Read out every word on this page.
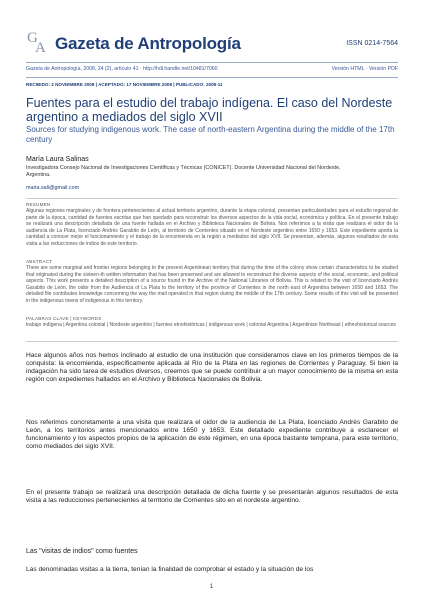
G
A Gazeta de Antropología	ISSN 0214-7564
Gazeta de Antropología, 2008, 24 (2), artículo 41 · http://hdl.handle.net/10481/7060	Versión HTML · Versión PDF
RECIBIDO: 2 NOVIEMBRE 2008 | ACEPTADO: 17 NOVIEMBRE 2008 | PUBLICADO: 2008-11
Fuentes para el estudio del trabajo indígena. El caso del Nordeste argentino a mediados del siglo XVII
Sources for studying indigenous work. The case of north-eastern Argentina during the middle of the 17th century
María Laura Salinas
Investigadora Consejo Nacional de Investigaciones Científicas y Técnicas (CONICET). Docente Universidad Nacional del Nordeste, Argentina.
maria.sali@gmail.com
RESUMEN
Algunas regiones marginales y de frontera pertenecientes al actual territorio argentino, durante la etapa colonial, presentan particularidades para el estudio regional de parte de la época, cantidad de fuentes escritas que han quedado para reconstruir los diversos aspectos de la vida social, económica y política. En el presente trabajo se realizará una descripción detallada de una fuente hallada en el Archivo y Biblioteca Nacionales de Bolivia. Nos referimos a la visita que realizara el oidor de la audiencia de La Plata, licenciado Andrés Garabito de León, al territorio de Corrientes situado en el Nordeste argentino entre 1650 y 1653. Este expediente aporta la cantidad a conocer mejor el funcionamiento y el trabajo de la encomienda en la región a mediados del siglo XVII. Se presentan, además, algunos resultados de esta visita a las reducciones de indios de este territorio.
ABSTRACT
There are some marginal and frontier regions belonging to the present Argentinean territory that during the time of the colony show certain characteristics to be studied that originated during the sixteen-th written information that has been preserved and are allowed to reconstruct the diverse aspects of the social, economic, and political aspects. This work presents a detailed description of a source found in the Archive of the National Libraries of Bolivia. This is related to the visit of licenciado Andrés Garabito de León, the oidor from the Audiencia of La Plata to the territory of the province of Corrientes in the north east of Argentina between 1650 and 1653. The detailed file contributes knowledge concerning the way the mail operated in that region during the middle of the 17th century. Some results of this visit will be presented in the indigenous towns of indigenous in this territory.
PALABRAS CLAVE | KEYWORDS
trabajo indígena | Argentina colonial | Nordeste argentino | fuentes etnohistóricas | indigenous work | colonial Argentina | Argentinian Northeast | ethnohistorical sources

Hace algunos años nos hemos inclinado al estudio de una institución que consideramos clave en los primeros tiempos de la conquista: la encomienda, específicamente aplicada al Río de la Plata en las regiones de Corrientes y Paraguay. Si bien la indagación ha sido tarea de estudios diversos, creemos que se puede contribuir a un mayor conocimiento de la misma en esta región con expedientes hallados en el Archivo y Biblioteca Nacionales de Bolivia.

Nos referimos concretamente a una visita que realizara el oidor de la audiencia de La Plata, licenciado Andrés Garabito de León, a los territorios antes mencionados entre 1650 y 1653. Este detallado expediente contribuye a esclarecer el funcionamiento y los aspectos propios de la aplicación de este régimen, en una época bastante temprana, para este territorio, como mediados del siglo XVII.

En el presente trabajo se realizará una descripción detallada de dicha fuente y se presentarán algunos resultados de esta visita a las reducciones pertenecientes al territorio de Corrientes sito en el nordeste argentino.

Las "visitas de indios" como fuentes

Las denominadas visitas a la tierra, tenían la finalidad de comprobar el estado y la situación de los

1
